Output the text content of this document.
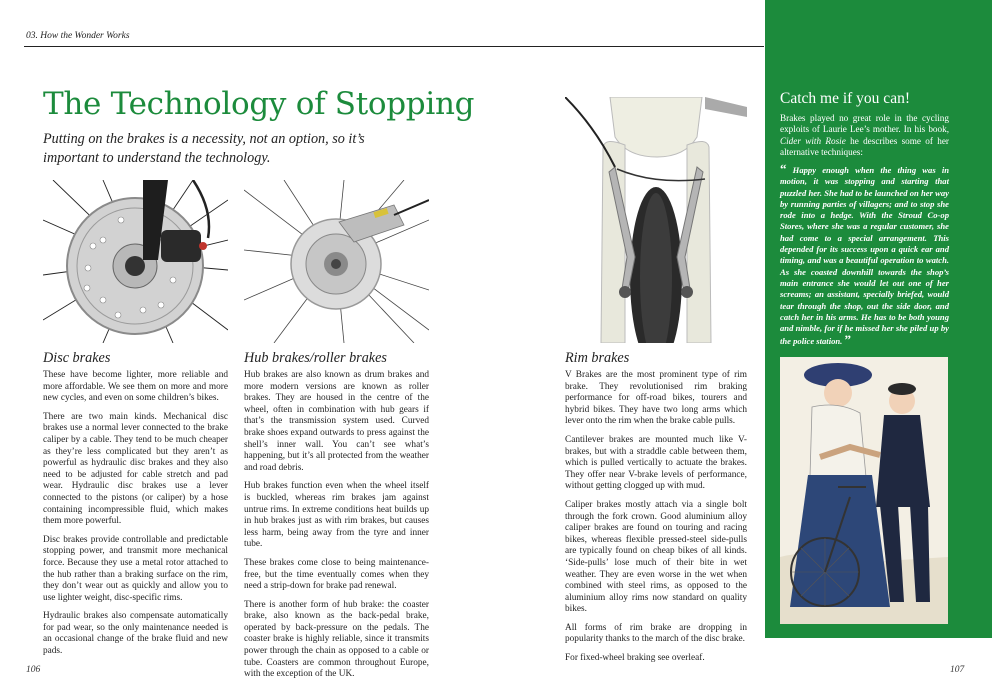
03. How the Wonder Works
The Technology of Stopping
Putting on the brakes is a necessity, not an option, so it’s important to understand the technology.
Disc brakes

These have become lighter, more reliable and more affordable. We see them on more and more new cycles, and even on some children’s bikes.

There are two main kinds. Mechanical disc brakes use a normal lever connected to the brake caliper by a cable. They tend to be much cheaper as they’re less complicated but they aren’t as powerful as hydraulic disc brakes and they also need to be adjusted for cable stretch and pad wear. Hydraulic disc brakes use a lever connected to the pistons (or caliper) by a hose containing incompressible fluid, which makes them more powerful.

Disc brakes provide controllable and predictable stopping power, and transmit more mechanical force. Because they use a metal rotor attached to the hub rather than a braking surface on the rim, they don’t wear out as quickly and allow you to use lighter weight, disc-specific rims.

Hydraulic brakes also compensate automatically for pad wear, so the only maintenance needed is an occasional change of the brake fluid and new pads.

Hub brakes/roller brakes

Hub brakes are also known as drum brakes and more modern versions are known as roller brakes. They are housed in the centre of the wheel, often in combination with hub gears if that’s the transmission system used. Curved brake shoes expand outwards to press against the shell’s inner wall. You can’t see what’s happening, but it’s all protected from the weather and road debris.

Hub brakes function even when the wheel itself is buckled, whereas rim brakes jam against untrue rims. In extreme conditions heat builds up in hub brakes just as with rim brakes, but causes less harm, being away from the tyre and inner tube.

These brakes come close to being maintenance-free, but the time eventually comes when they need a strip-down for brake pad renewal.

There is another form of hub brake: the coaster brake, also known as the back-pedal brake, operated by back-pressure on the pedals. The coaster brake is highly reliable, since it transmits power through the chain as opposed to a cable or tube. Coasters are common throughout Europe, with the exception of the UK.

Rim brakes

V Brakes are the most prominent type of rim brake. They revolutionised rim braking performance for off-road bikes, tourers and hybrid bikes. They have two long arms which lever onto the rim when the brake cable pulls.

Cantilever brakes are mounted much like V-brakes, but with a straddle cable between them, which is pulled vertically to actuate the brakes. They offer near V-brake levels of performance, without getting clogged up with mud.

Caliper brakes mostly attach via a single bolt through the fork crown. Good aluminium alloy caliper brakes are found on touring and racing bikes, whereas flexible pressed-steel side-pulls are typically found on cheap bikes of all kinds. ‘Side-pulls’ lose much of their bite in wet weather. They are even worse in the wet when combined with steel rims, as opposed to the aluminium alloy rims now standard on quality bikes.

All forms of rim brake are dropping in popularity thanks to the march of the disc brake.

For fixed-wheel braking see overleaf.

Catch me if you can!
Brakes played no great role in the cycling exploits of Laurie Lee’s mother. In his book, Cider with Rosie he describes some of her alternative techniques:
“ Happy enough when the thing was in motion, it was stopping and starting that puzzled her. She had to be launched on her way by running parties of villagers; and to stop she rode into a hedge. With the Stroud Co-op Stores, where she was a regular customer, she had come to a special arrangement. This depended for its success upon a quick ear and timing, and was a beautiful operation to watch. As she coasted downhill towards the shop’s main entrance she would let out one of her screams; an assistant, specially briefed, would tear through the shop, out the side door, and catch her in his arms. He has to be both young and nimble, for if he missed her she piled up by the police station. ”
106	107
